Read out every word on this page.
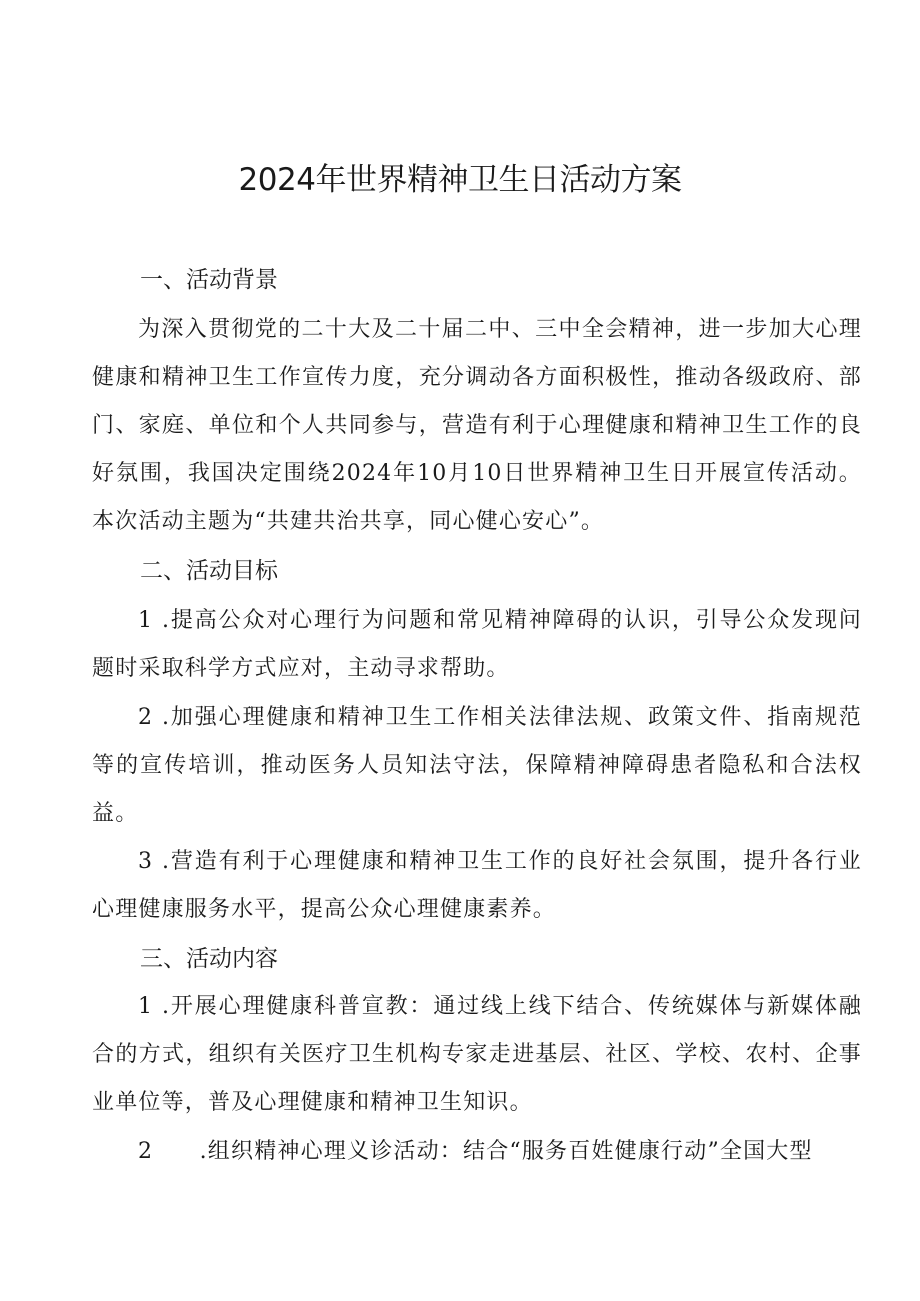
2024年世界精神卫生日活动方案
一、活动背景

为深入贯彻党的二十大及二十届二中、三中全会精神，进一步加大心理健康和精神卫生工作宣传力度，充分调动各方面积极性，推动各级政府、部门、家庭、单位和个人共同参与，营造有利于心理健康和精神卫生工作的良好氛围，我国决定围绕2024年10月10日世界精神卫生日开展宣传活动。本次活动主题为“共建共治共享，同心健心安心”。

二、活动目标

1 .提高公众对心理行为问题和常见精神障碍的认识，引导公众发现问题时采取科学方式应对，主动寻求帮助。

2 .加强心理健康和精神卫生工作相关法律法规、政策文件、指南规范等的宣传培训，推动医务人员知法守法，保障精神障碍患者隐私和合法权益。

3 .营造有利于心理健康和精神卫生工作的良好社会氛围，提升各行业心理健康服务水平，提高公众心理健康素养。

三、活动内容

1 .开展心理健康科普宣教：通过线上线下结合、传统媒体与新媒体融合的方式，组织有关医疗卫生机构专家走进基层、社区、学校、农村、企事业单位等，普及心理健康和精神卫生知识。

2　　.组织精神心理义诊活动：结合“服务百姓健康行动”全国大型
